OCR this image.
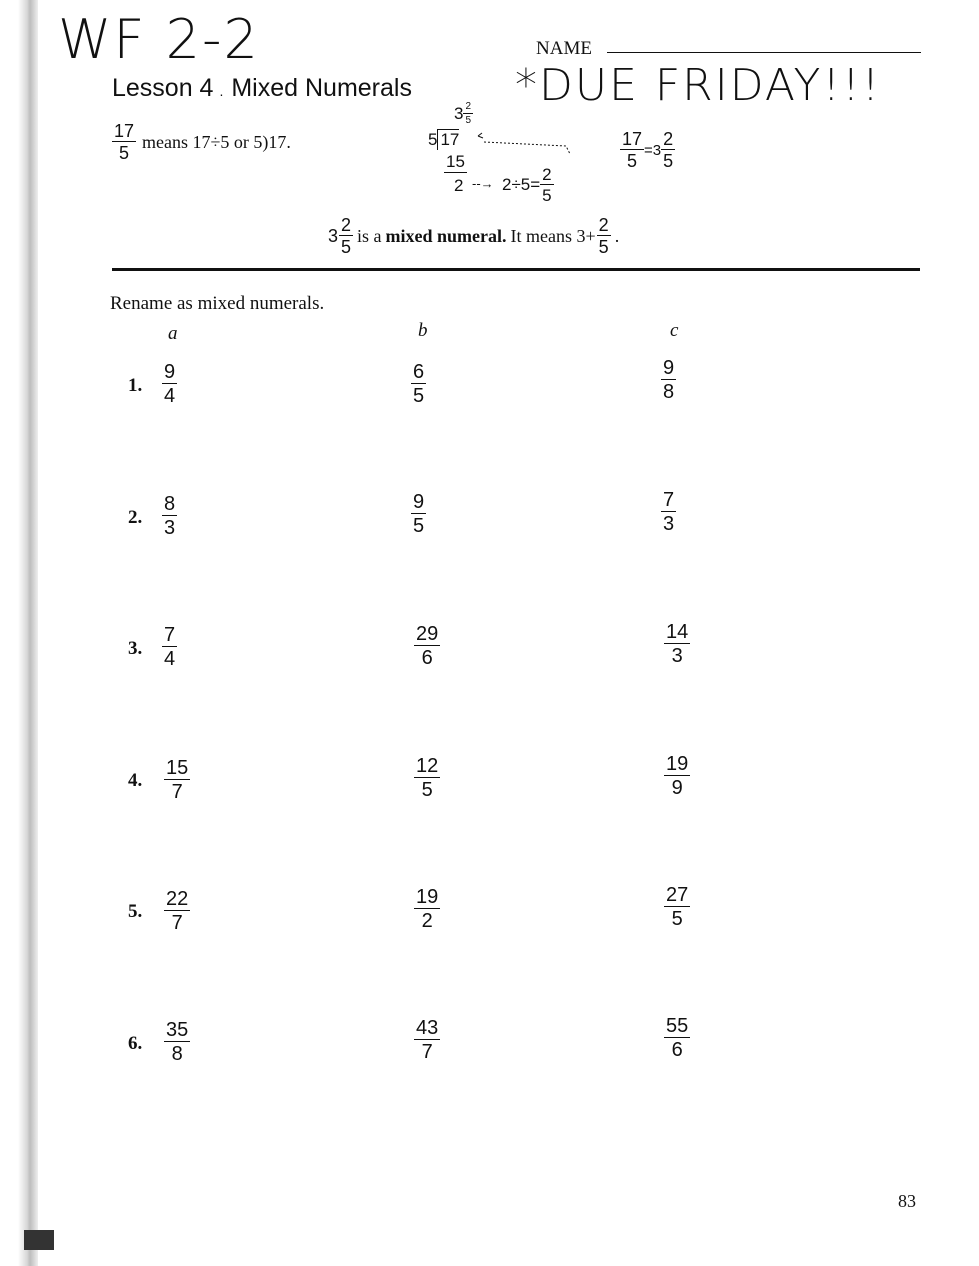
WF 2-2
*DUE FRIDAY!!!
NAME
Lesson 4 . Mixed Numerals
$\frac{17}{5}$ means 17÷5 or 5)17.
$3 \frac{2}{5}$
5 17
15
2 --→ $2\div 5= \frac{2}{5}$
$\frac{17}{5} =3 \frac{2}{5}$
$3 \frac{2}{5}$ is a mixed numeral. It means $3+ \frac{2}{5}$ .
Rename as mixed numerals.
a	b	c
1. $\frac{9}{4}$	$\frac{6}{5}$	$\frac{9}{8}$
2. $\frac{8}{3}$	$\frac{9}{5}$	$\frac{7}{3}$
3. $\frac{7}{4}$	$\frac{29}{6}$	$\frac{14}{3}$
4. $\frac{15}{7}$	$\frac{12}{5}$	$\frac{19}{9}$
5. $\frac{22}{7}$	$\frac{19}{2}$	$\frac{27}{5}$
6. $\frac{35}{8}$	$\frac{43}{7}$	$\frac{55}{6}$
83
